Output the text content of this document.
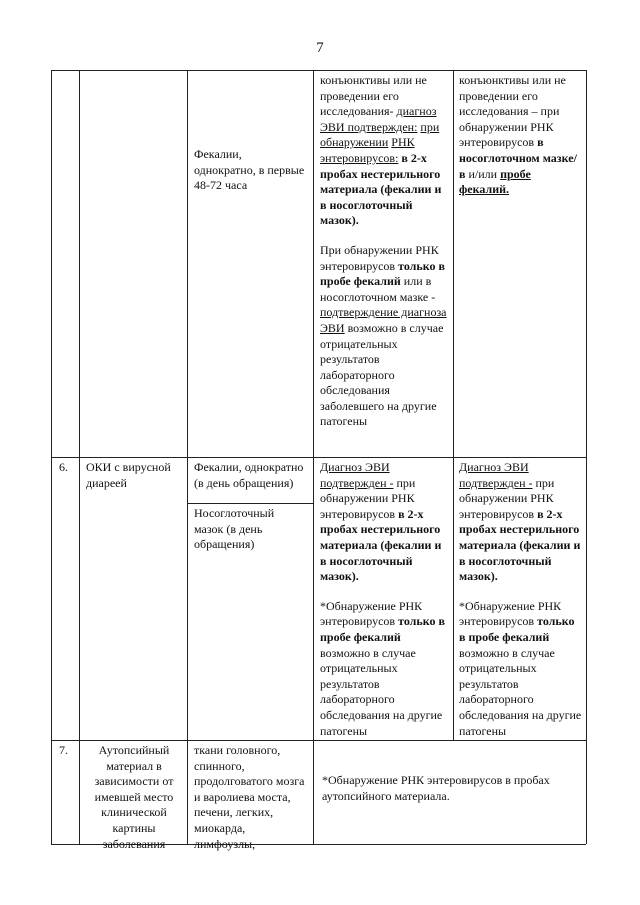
7
Фекалии, однократно, в первые 48-72 часа

конъюнктивы или не проведении его исследования- диагноз ЭВИ подтвержден: при обнаружении РНК энтеровирусов: в 2-х пробах нестерильного материала (фекалии и в носоглоточный мазок).

При обнаружении РНК энтеровирусов только в пробе фекалий или в носоглоточном мазке - подтверждение диагноза ЭВИ возможно в случае отрицательных результатов лабораторного обследования заболевшего на другие патогены

конъюнктивы или не проведении его исследования – при обнаружении РНК энтеровирусов в носоглоточном мазке/в и/или пробе фекалий.

6.	ОКИ с вирусной диареей
Фекалии, однократно (в день обращения)
Носоглоточный мазок (в день обращения)

Диагноз ЭВИ подтвержден - при обнаружении РНК энтеровирусов в 2-х пробах нестерильного материала (фекалии и в носоглоточный мазок).

*Обнаружение РНК энтеровирусов только в пробе фекалий возможно в случае отрицательных результатов лабораторного обследования на другие патогены

Диагноз ЭВИ подтвержден - при обнаружении РНК энтеровирусов в 2-х пробах нестерильного материала (фекалии и в носоглоточный мазок).

*Обнаружение РНК энтеровирусов только в пробе фекалий возможно в случае отрицательных результатов лабораторного обследования на другие патогены

7.	Аутопсийный материал в зависимости от имевшей место клинической картины заболевания
ткани головного, спинного, продолговатого мозга и варолиева моста, печени, легких, миокарда, лимфоузлы,
*Обнаружение РНК энтеровирусов в пробах аутопсийного материала.
